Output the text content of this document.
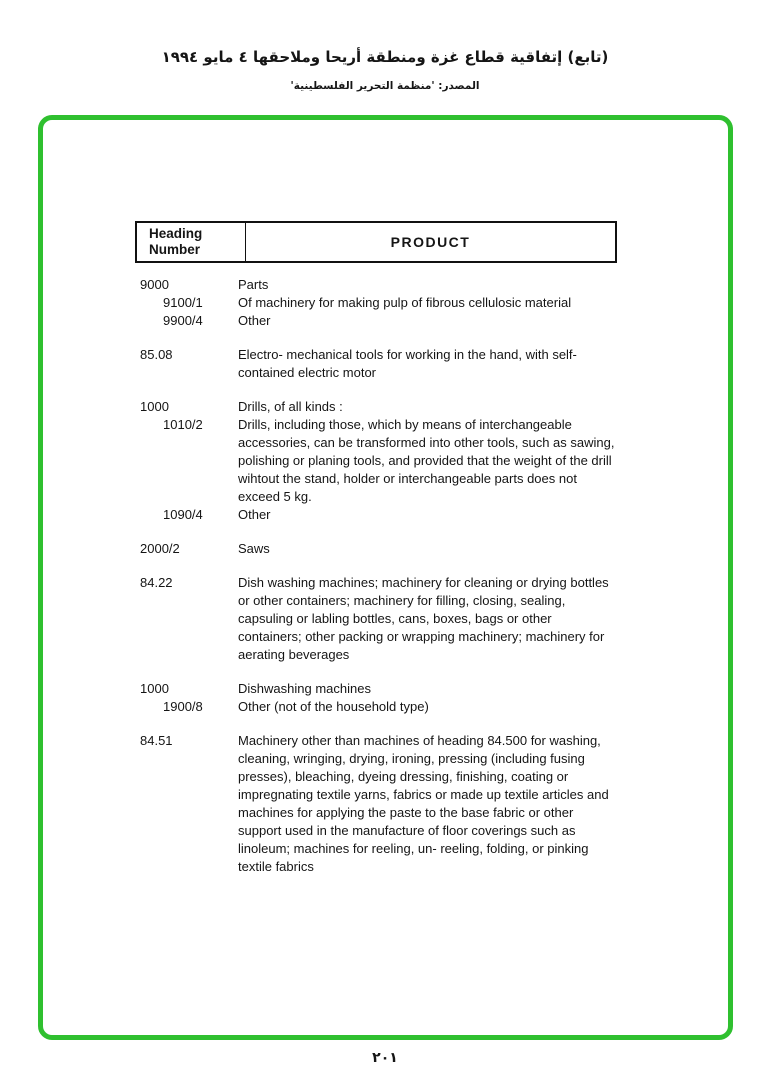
(تابع) إتفاقية قطاع غزة ومنطقة أريحا وملاحقها ٤ مايو ١٩٩٤
المصدر: 'منظمة التحرير الفلسطينية'
Heading
Number	PRODUCT
9000	Parts
9100/1	Of machinery for making pulp of fibrous cellulosic material
9900/4	Other
85.08	Electro- mechanical tools for working in the hand, with self-contained electric motor
1000	Drills, of all kinds :
1010/2	Drills, including those, which by means of interchangeable accessories, can be transformed into other tools, such as sawing, polishing or planing tools, and provided that the weight of the drill wihtout the stand, holder or interchangeable parts does not exceed 5 kg.
1090/4	Other
2000/2	Saws
84.22	Dish washing machines; machinery for cleaning or drying bottles or other containers; machinery for filling, closing, sealing, capsuling or labling bottles, cans, boxes, bags or other containers; other packing or wrapping machinery; machinery for aerating beverages
1000	Dishwashing machines
1900/8	Other (not of the household type)
84.51	Machinery other than machines of heading 84.500 for washing, cleaning, wringing, drying, ironing, pressing (including fusing presses), bleaching, dyeing dressing, finishing, coating or impregnating textile yarns, fabrics or made up textile articles and machines for applying the paste to the base fabric or other support used in the manufacture of floor coverings such as linoleum; machines for reeling, un- reeling, folding, or pinking textile fabrics
٢٠١
